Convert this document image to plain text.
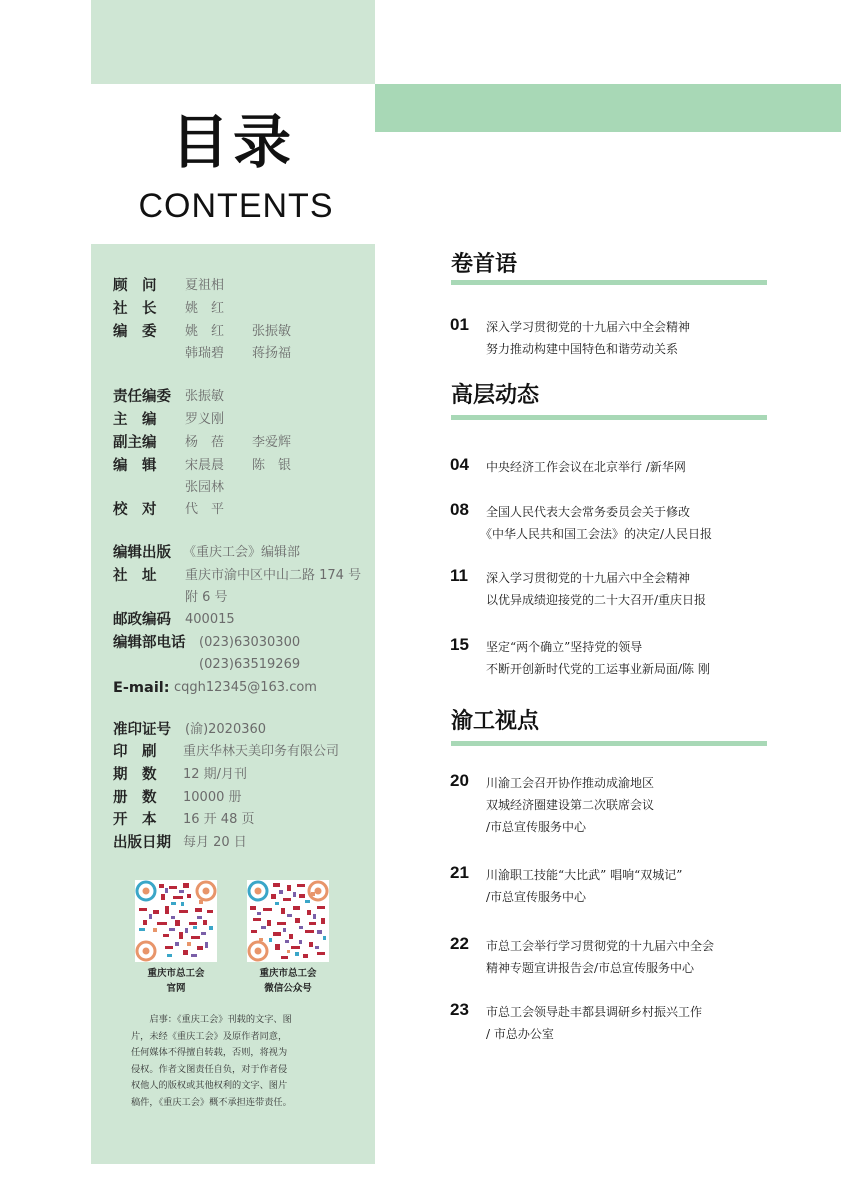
目录
CONTENTS
顾　问 夏祖相
社　长 姚　红
编　委 姚　红 张振敏
韩瑞碧 蒋扬福
责任编委 张振敏
主　编 罗义刚
副主编 杨　蓓 李爱辉
编　辑 宋晨晨 陈　银
张园林
校　对 代　平
编辑出版 《重庆工会》编辑部
社　址 重庆市渝中区中山二路 174 号
附 6 号
邮政编码 400015
编辑部电话 (023)63030300
(023)63519269
E-mail: cqgh12345@163.com
准印证号 (渝)2020360
印　刷 重庆华林天美印务有限公司
期　数 12 期/月刊
册　数 10000 册
开　本 16 开 48 页
出版日期 每月 20 日
重庆市总工会
官网
重庆市总工会
微信公众号
启事：《重庆工会》刊载的文字、图
片，未经《重庆工会》及原作者同意，
任何媒体不得擅自转载，否则，将视为
侵权。作者文图责任自负，对于作者侵
权他人的版权或其他权利的文字、图片
稿件，《重庆工会》概不承担连带责任。
卷首语
01 深入学习贯彻党的十九届六中全会精神
努力推动构建中国特色和谐劳动关系
高层动态
04 中央经济工作会议在北京举行 /新华网
08 全国人民代表大会常务委员会关于修改
《中华人民共和国工会法》的决定/人民日报
11 深入学习贯彻党的十九届六中全会精神
以优异成绩迎接党的二十大召开/重庆日报
15 坚定“两个确立”坚持党的领导
不断开创新时代党的工运事业新局面/陈 刚
渝工视点
20 川渝工会召开协作推动成渝地区
双城经济圈建设第二次联席会议
/市总宣传服务中心
21 川渝职工技能“大比武” 唱响“双城记”
/市总宣传服务中心
22 市总工会举行学习贯彻党的十九届六中全会
精神专题宣讲报告会/市总宣传服务中心
23 市总工会领导赴丰都县调研乡村振兴工作
/ 市总办公室
